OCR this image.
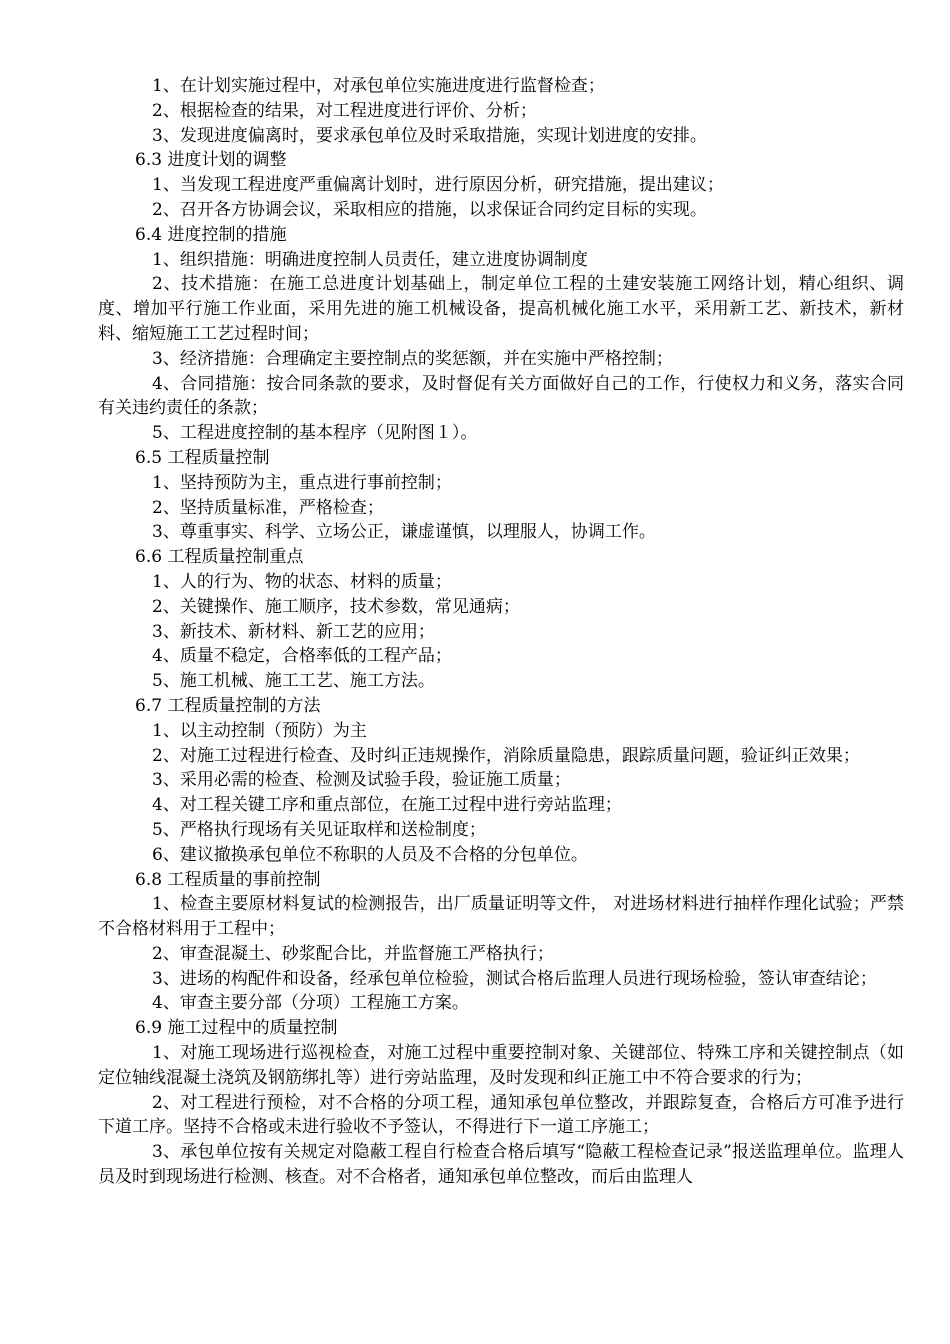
1、在计划实施过程中，对承包单位实施进度进行监督检查；

2、根据检查的结果，对工程进度进行评价、分析；

3、发现进度偏离时，要求承包单位及时采取措施，实现计划进度的安排。

6.3 进度计划的调整

1、当发现工程进度严重偏离计划时，进行原因分析，研究措施，提出建议；

2、召开各方协调会议，采取相应的措施，以求保证合同约定目标的实现。

6.4 进度控制的措施

1、组织措施：明确进度控制人员责任，建立进度协调制度

2、技术措施：在施工总进度计划基础上，制定单位工程的土建安装施工网络计划，精心组织、调度、增加平行施工作业面，采用先进的施工机械设备，提高机械化施工水平，采用新工艺、新技术，新材料、缩短施工工艺过程时间；

3、经济措施：合理确定主要控制点的奖惩额，并在实施中严格控制；

4、合同措施：按合同条款的要求，及时督促有关方面做好自己的工作，行使权力和义务，落实合同有关违约责任的条款；

5、工程进度控制的基本程序（见附图１）。

6.5 工程质量控制

1、坚持预防为主，重点进行事前控制；

2、坚持质量标准，严格检查；

3、尊重事实、科学、立场公正，谦虚谨慎，以理服人，协调工作。

6.6 工程质量控制重点

1、人的行为、物的状态、材料的质量；

2、关键操作、施工顺序，技术参数，常见通病；

3、新技术、新材料、新工艺的应用；

4、质量不稳定，合格率低的工程产品；

5、施工机械、施工工艺、施工方法。

6.7 工程质量控制的方法

1、以主动控制（预防）为主

2、对施工过程进行检查、及时纠正违规操作，消除质量隐患，跟踪质量问题，验证纠正效果；

3、采用必需的检查、检测及试验手段，验证施工质量；

4、对工程关键工序和重点部位，在施工过程中进行旁站监理；

5、严格执行现场有关见证取样和送检制度；

6、建议撤换承包单位不称职的人员及不合格的分包单位。

6.8 工程质量的事前控制

1、检查主要原材料复试的检测报告，出厂质量证明等文件， 对进场材料进行抽样作理化试验；严禁不合格材料用于工程中；

2、审查混凝土、砂浆配合比，并监督施工严格执行；

3、进场的构配件和设备，经承包单位检验，测试合格后监理人员进行现场检验，签认审查结论；

4、审查主要分部（分项）工程施工方案。

6.9 施工过程中的质量控制

1、对施工现场进行巡视检查，对施工过程中重要控制对象、关键部位、特殊工序和关键控制点（如定位轴线混凝土浇筑及钢筋绑扎等）进行旁站监理，及时发现和纠正施工中不符合要求的行为；

2、对工程进行预检，对不合格的分项工程，通知承包单位整改，并跟踪复查，合格后方可准予进行下道工序。坚持不合格或未进行验收不予签认，不得进行下一道工序施工；

3、承包单位按有关规定对隐蔽工程自行检查合格后填写“隐蔽工程检查记录”报送监理单位。监理人员及时到现场进行检测、核查。对不合格者，通知承包单位整改，而后由监理人
